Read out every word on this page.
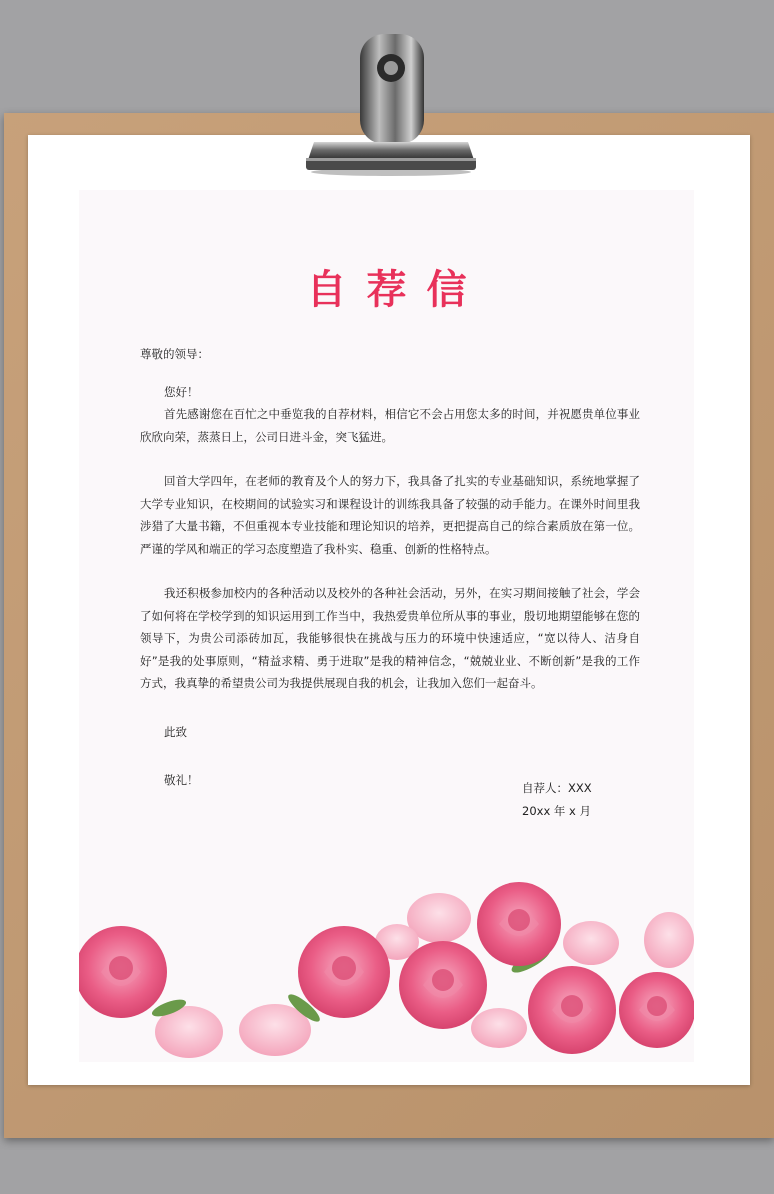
自荐信

尊敬的领导：

您好！

首先感谢您在百忙之中垂览我的自荐材料，相信它不会占用您太多的时间，并祝愿贵单位事业欣欣向荣，蒸蒸日上，公司日进斗金，突飞猛进。

回首大学四年，在老师的教育及个人的努力下，我具备了扎实的专业基础知识，系统地掌握了大学专业知识，在校期间的试验实习和课程设计的训练我具备了较强的动手能力。在课外时间里我涉猎了大量书籍，不但重视本专业技能和理论知识的培养，更把提高自己的综合素质放在第一位。严谨的学风和端正的学习态度塑造了我朴实、稳重、创新的性格特点。

我还积极参加校内的各种活动以及校外的各种社会活动，另外，在实习期间接触了社会，学会了如何将在学校学到的知识运用到工作当中，我热爱贵单位所从事的事业，殷切地期望能够在您的领导下，为贵公司添砖加瓦，我能够很快在挑战与压力的环境中快速适应，“宽以待人、洁身自好”是我的处事原则，“精益求精、勇于进取”是我的精神信念，“兢兢业业、不断创新”是我的工作方式，我真挚的希望贵公司为我提供展现自我的机会，让我加入您们一起奋斗。

此致

敬礼！

自荐人：XXX

20xx 年 x 月
